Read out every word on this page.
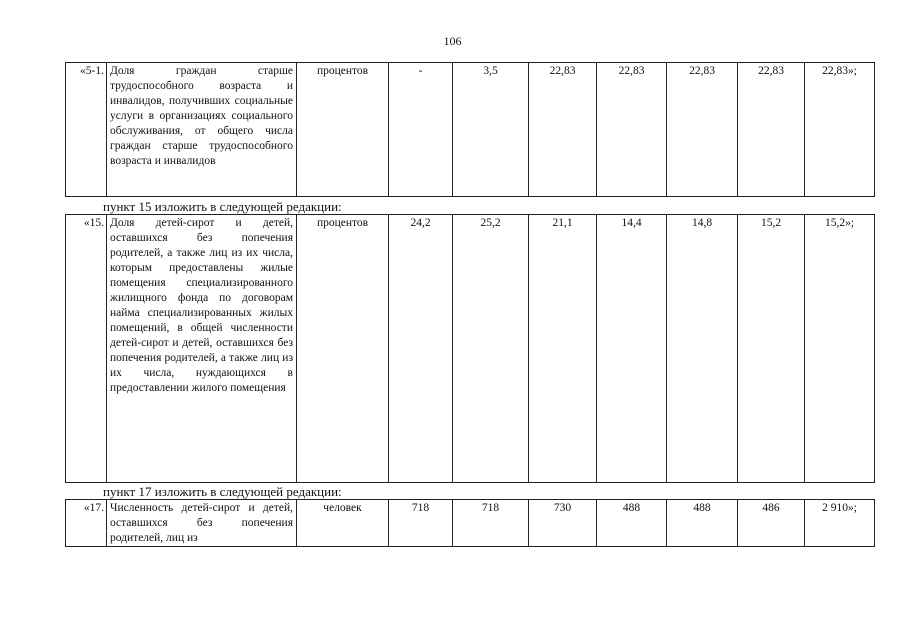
106
«5-1.	Доля граждан старше трудоспособного возраста и инвалидов, получивших социальные услуги в организациях социального обслуживания, от общего числа граждан старше трудоспособного возраста и инвалидов	процентов	-	3,5	22,83	22,83	22,83	22,83	22,83»;
пункт 15 изложить в следующей редакции:
«15.	Доля детей-сирот и детей, оставшихся без попечения родителей, а также лиц из их числа, которым предоставлены жилые помещения специализированного жилищного фонда по договорам найма специализированных жилых помещений, в общей численности детей-сирот и детей, оставшихся без попечения родителей, а также лиц из их числа, нуждающихся в предоставлении жилого помещения	процентов	24,2	25,2	21,1	14,4	14,8	15,2	15,2»;
пункт 17 изложить в следующей редакции:
«17.	Численность детей-сирот и детей, оставшихся без попечения родителей, лиц из	человек	718	718	730	488	488	486	2 910»;
